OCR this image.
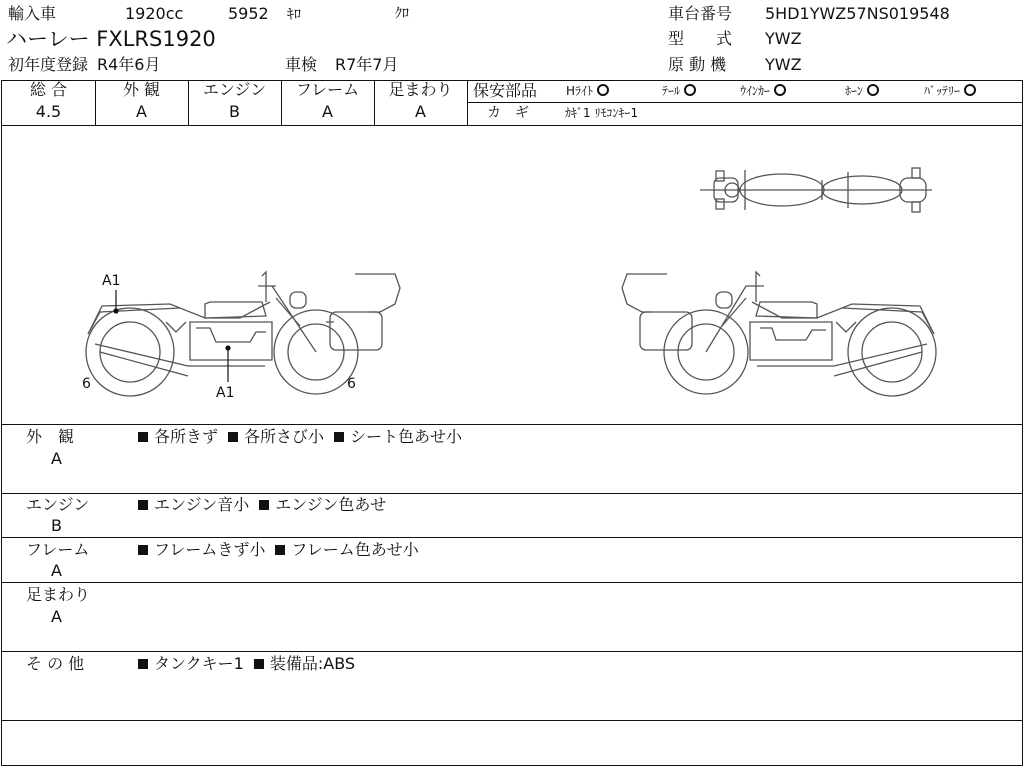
輸入車	1920cc	5952 ｷﾛ	ｸﾛ	車台番号 5HD1YWZ57NS019548
ハーレー FXLRS1920	型　　式 YWZ
初年度登録 R4年6月	車検 R7年7月	原 動 機 YWZ
総 合
4.5
外 観
A
エンジン
B
フレーム
A
足まわり
A
保安部品 Hﾗｲﾄ	ﾃｰﾙ	ｳｲﾝｶｰ	ﾎｰﾝ	ﾊﾞｯﾃﾘｰ
カ　ギ	ｶｷﾞ1 ﾘﾓｺﾝｷｰ1
A1
A1
6	6
外　観
A
各所きず 各所さび小 シート色あせ小
エンジン
B
エンジン音小 エンジン色あせ
フレーム
A
フレームきず小 フレーム色あせ小
足まわり
A
そ の 他	タンクキー1 装備品:ABS
